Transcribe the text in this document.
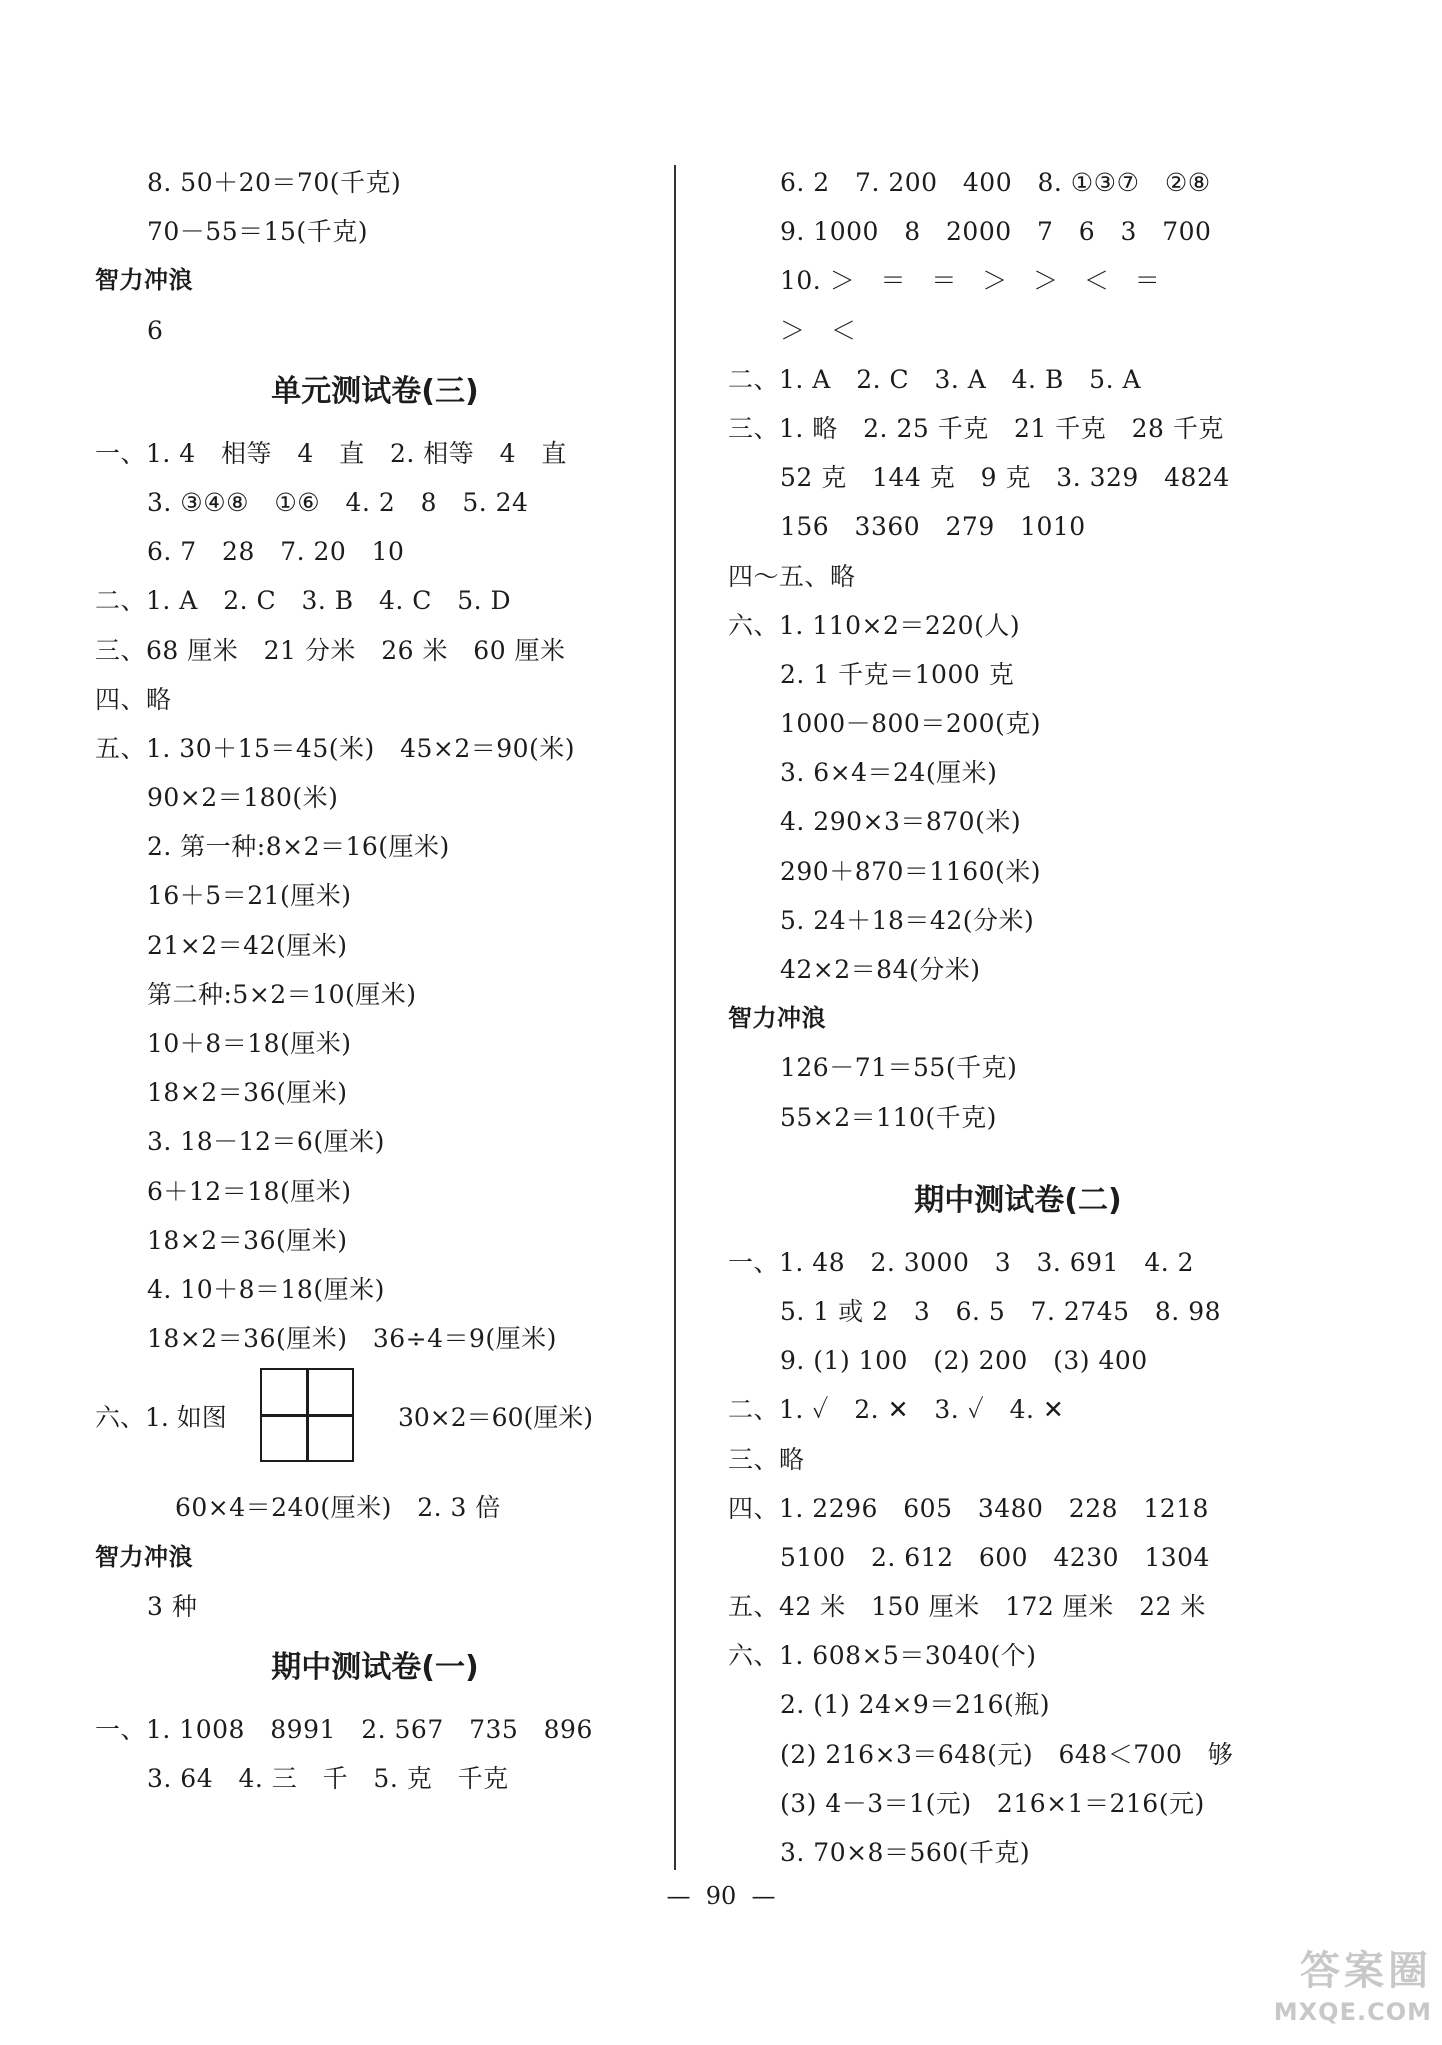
8. 50＋20＝70(千克)
70－55＝15(千克)
智力冲浪
6
单元测试卷(三)
一、1. 4   相等   4   直   2. 相等   4   直
3. ③④⑧   ①⑥   4. 2   8   5. 24
6. 7   28   7. 20   10
二、1. A   2. C   3. B   4. C   5. D
三、68 厘米   21 分米   26 米   60 厘米
四、略
五、1. 30＋15＝45(米)   45×2＝90(米)
90×2＝180(米)
2. 第一种:8×2＝16(厘米)
16＋5＝21(厘米)
21×2＝42(厘米)
第二种:5×2＝10(厘米)
10＋8＝18(厘米)
18×2＝36(厘米)
3. 18－12＝6(厘米)
6＋12＝18(厘米)
18×2＝36(厘米)
4. 10＋8＝18(厘米)
18×2＝36(厘米)   36÷4＝9(厘米)
六、1. 如图	30×2＝60(厘米)
60×4＝240(厘米)   2. 3 倍
智力冲浪
3 种
期中测试卷(一)
一、1. 1008   8991   2. 567   735   896
3. 64   4. 三   千   5. 克   千克
6. 2   7. 200   400   8. ①③⑦   ②⑧
9. 1000   8   2000   7   6   3   700
10. ＞   ＝   ＝   ＞   ＞   ＜   ＝
＞   ＜
二、1. A   2. C   3. A   4. B   5. A
三、1. 略   2. 25 千克   21 千克   28 千克
52 克   144 克   9 克   3. 329   4824
156   3360   279   1010
四～五、略
六、1. 110×2＝220(人)
2. 1 千克＝1000 克
1000－800＝200(克)
3. 6×4＝24(厘米)
4. 290×3＝870(米)
290＋870＝1160(米)
5. 24＋18＝42(分米)
42×2＝84(分米)
智力冲浪
126－71＝55(千克)
55×2＝110(千克)
期中测试卷(二)
一、1. 48   2. 3000   3   3. 691   4. 2
5. 1 或 2   3   6. 5   7. 2745   8. 98
9. (1) 100   (2) 200   (3) 400
二、1. ✓   2. ✕   3. ✓   4. ✕
三、略
四、1. 2296   605   3480   228   1218
5100   2. 612   600   4230   1304
五、42 米   150 厘米   172 厘米   22 米
六、1. 608×5＝3040(个)
2. (1) 24×9＝216(瓶)
(2) 216×3＝648(元)   648＜700   够
(3) 4－3＝1(元)   216×1＝216(元)
3. 70×8＝560(千克)
—  90  —
答案圈
MXQE.COM
